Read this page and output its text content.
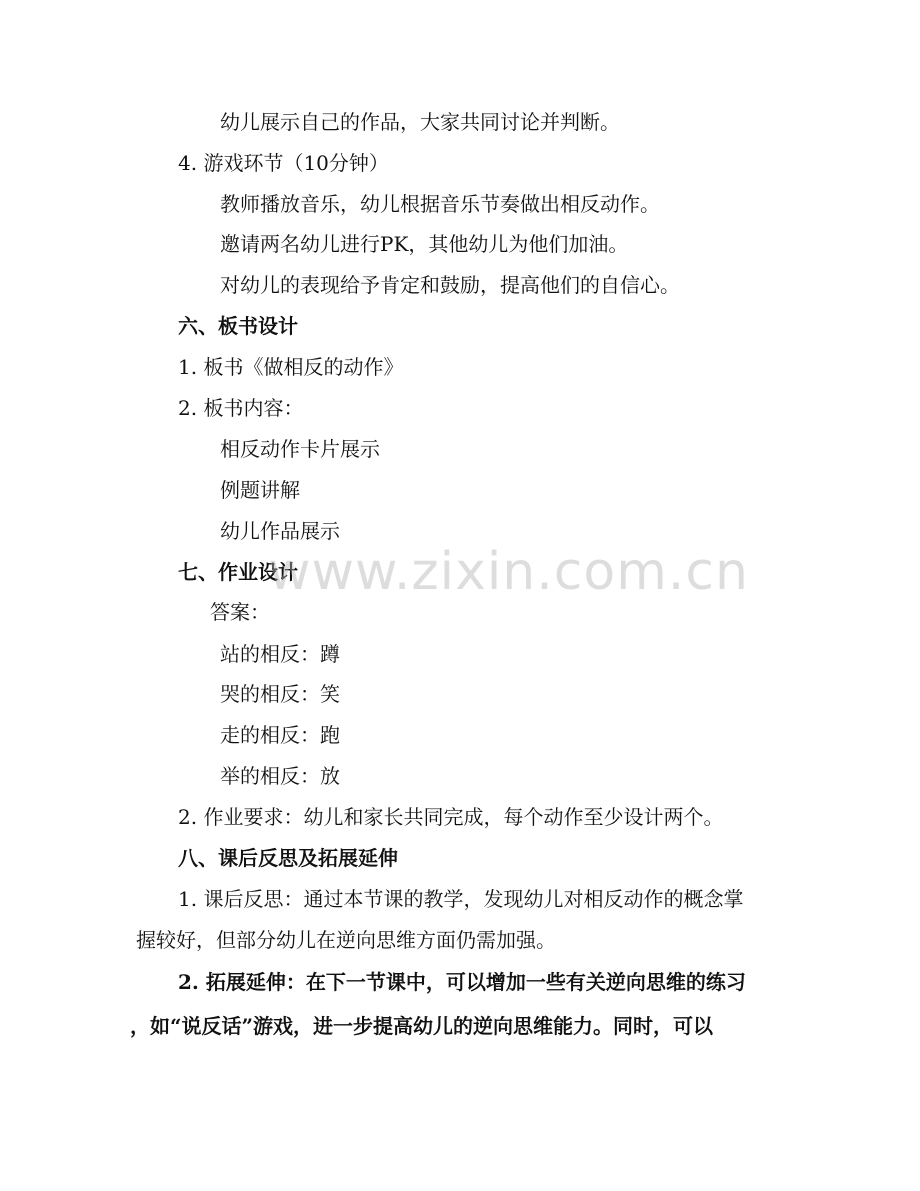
幼儿展示自己的作品，大家共同讨论并判断。
4. 游戏环节（10分钟）
教师播放音乐，幼儿根据音乐节奏做出相反动作。
邀请两名幼儿进行PK，其他幼儿为他们加油。
对幼儿的表现给予肯定和鼓励，提高他们的自信心。
六、板书设计
1. 板书《做相反的动作》
2. 板书内容：
相反动作卡片展示
例题讲解
幼儿作品展示
七、作业设计
答案：
站的相反：蹲
哭的相反：笑
走的相反：跑
举的相反：放
2. 作业要求：幼儿和家长共同完成，每个动作至少设计两个。
八、课后反思及拓展延伸
1. 课后反思：通过本节课的教学，发现幼儿对相反动作的概念掌
握较好，但部分幼儿在逆向思维方面仍需加强。
2. 拓展延伸：在下一节课中，可以增加一些有关逆向思维的练习
，如“说反话”游戏，进一步提高幼儿的逆向思维能力。同时，可以
www.zixin.com.cn
